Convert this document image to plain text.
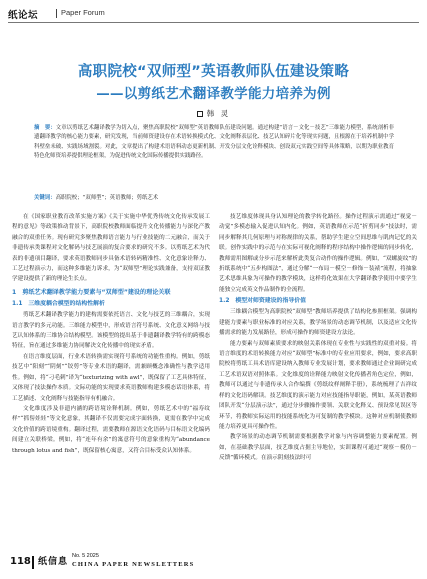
纸论坛	Paper Forum
高职院校“双师型”英语教师队伍建设策略
——以剪纸艺术翻译教学能力培养为例
韩 灵
摘　要：文章以剪纸艺术翻译教学为切入点，聚焦高职院校“双师型”英语教师队伍建设问题。通过构建“语言－文化－技艺”三维能力模型，系统剖析非遗翻译教学的核心能力要素，研究发现，当前师资建设存在术语转换模式化、文化阐释表层化、技艺认知碎片化等现实问题，且根源在于培养机制中学科壁垒未破、实践场域割裂。对此，文章提出了构建术语语料动态更新机制、开发分层文化诠释模块、创设双元实践空间等具体策略，以期为职业教育特色化师资培养提供理论框架，为促进传统文化国际传播提供实践路径。
关键词：高职院校；“双师型”；英语教师；剪纸艺术

在《国家职业教育改革实施方案》《关于实施中华优秀传统文化传承发展工程的意见》等政策推动背景下，高职院校教师面临提升文化传播能力与深化产教融合的双重任务。现有研究多聚焦教师语言能力与行业技能的二元融合，而关于非遗传承类课程对文化解码与技艺展演的复合要求的研究不多。以剪纸艺术为代表的非遗项目翻译，要求英语教师同步具备术语转码精准性、文化意象诠释力、工艺过程演示力，而这种多维能力诉求，为“双师型”理论实践兼备，支持双证教学建设提供了新的理论生长点。

1　剪纸艺术翻译教学能力要素与“双师型”建设的理论关联

1.1　三维度耦合模型的结构性解析

剪纸艺术翻译教学能力的建构需要依托语言、文化与技艺的三维耦合，实现语言教学的多元功能。三维能力模型中，形成语言符号系统、文化意义网络与技艺认知体系的三维协合结构模型。该模型的提出基于非遗翻译教学特有的跨模态特征，旨在通过多维能力协同解决文化传播中的现实矛盾。

在语言维度层面，行业术语转换需实现符号系统的功能性重构。例如，剪纸技艺中“阳刻”“阴刻”“铰剪”等专业术语的翻译，需兼顾概念准确性与教学适用性。例如，将“刁毛刺”译为“texturizing with awl”，既保留了工艺具体特征，又体现了技法操作本质。文际功能的实现要求英语教师构建多模态话语体系，将工艺描述、文化阐释与技能指导有机融合。

文化维度涉及非遗内涵的跨语境诠释机制。例如，剪纸艺术中的“福寿纹样”“抓髻娃娃”等文化意象，其翻译不仅需要完成字面转换，更需在教学中完成文化价值的跨语境重构。翻译过程，需要教师在源语文化语码与目标语文化编码间建立关联桥梁。例如，将“连年有余”的寓意符号的意象重构为“abundance through lotus and fish”，既保留核心寓意，又符合目标受众认知体系。

技艺维度体现具身认知理论的教学转化路径。操作过程演示需通过“视觉－动觉”多模态输入促进认知内化。例如，英语教师在示范“折剪同步”技法时，需同步解释其几何原理与对称规律的关系，帮助学生建立空间思维与肌肉记忆的关联。创作实践中的示范与在实际可视化阐释的程序结构中操作逻辑的同步转化，教师需用图解或分步示范来解析此类复合动作的操作逻辑。例如，“双螺旋纹”的折纸系统中“五步构图法”，通过分解“一布局－模空－修饰－装裱”流程，将抽象艺术思维具象为可操作的教学模块，这样将化效果在大学翻译教学使用中要学生能独立完成英文作品制作的全流程。

1.2　模型对师资建设的指导价值

三维耦合模型为高职院校“双师型”教师培养提供了结构化参照框架。强调构建能力要素与职业标准的对应关系，教学场景的动态调节机制，以及适应文化传播需求的能力发展路径，形成可操作的师资建设方法论。

能力要素与双师素质要求的映射关系体现在专业性与实践性的双重对接。将语言维度的术语转换能力对应“双师型”标准中的专业应用要求，例如，要求高职院校将剪纸工具术语库建设纳入教师专业发展计划，要求教师通过企业调研完成工艺术语双语对照体系。文化维度的诠释能力映射文化传播者角色定位，例如，教师可以通过与非遗传承人合作编撰《剪纸纹样阐释手册》，系统梳理了吉祥纹样的文化语码解读。技艺维度的演示能力对应技能指导职能，例如，某英语教师团队开发“分层演示法”，通过分步骤操作要领、关联文化释义、预设常见误区等环节，将教师实际运用的技能系统化为可复制的教学模块。这种对应机制使教师能力培养更具可操作性。

教学场景的动态调节机制需要根据教学对象与内容调整能力要素配置。例如，在基础教学层面，技艺维度占据主导地位，实训课程可通过“观察－模仿－反馈”循环模式。在演示阴刻技法时可

118 纸信息
No. 5 2025
CHINA PAPER NEWSLETTERS
